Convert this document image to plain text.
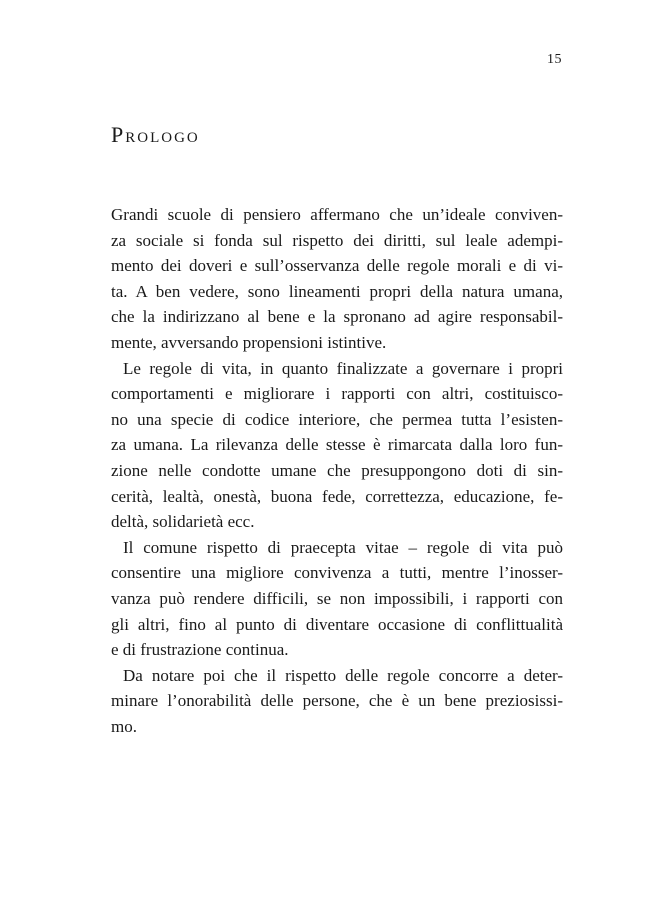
15
Prologo
Grandi scuole di pensiero affermano che un’ideale conviven-
za sociale si fonda sul rispetto dei diritti, sul leale adempi-
mento dei doveri e sull’osservanza delle regole morali e di vi-
ta. A ben vedere, sono lineamenti propri della natura umana,
che la indirizzano al bene e la spronano ad agire responsabil-
mente, avversando propensioni istintive.
Le regole di vita, in quanto finalizzate a governare i propri
comportamenti e migliorare i rapporti con altri, costituisco-
no una specie di codice interiore, che permea tutta l’esisten-
za umana. La rilevanza delle stesse è rimarcata dalla loro fun-
zione nelle condotte umane che presuppongono doti di sin-
cerità, lealtà, onestà, buona fede, correttezza, educazione, fe-
deltà, solidarietà ecc.
Il comune rispetto di praecepta vitae – regole di vita può
consentire una migliore convivenza a tutti, mentre l’inosser-
vanza può rendere difficili, se non impossibili, i rapporti con
gli altri, fino al punto di diventare occasione di conflittualità
e di frustrazione continua.
Da notare poi che il rispetto delle regole concorre a deter-
minare l’onorabilità delle persone, che è un bene preziosissi-
mo.
